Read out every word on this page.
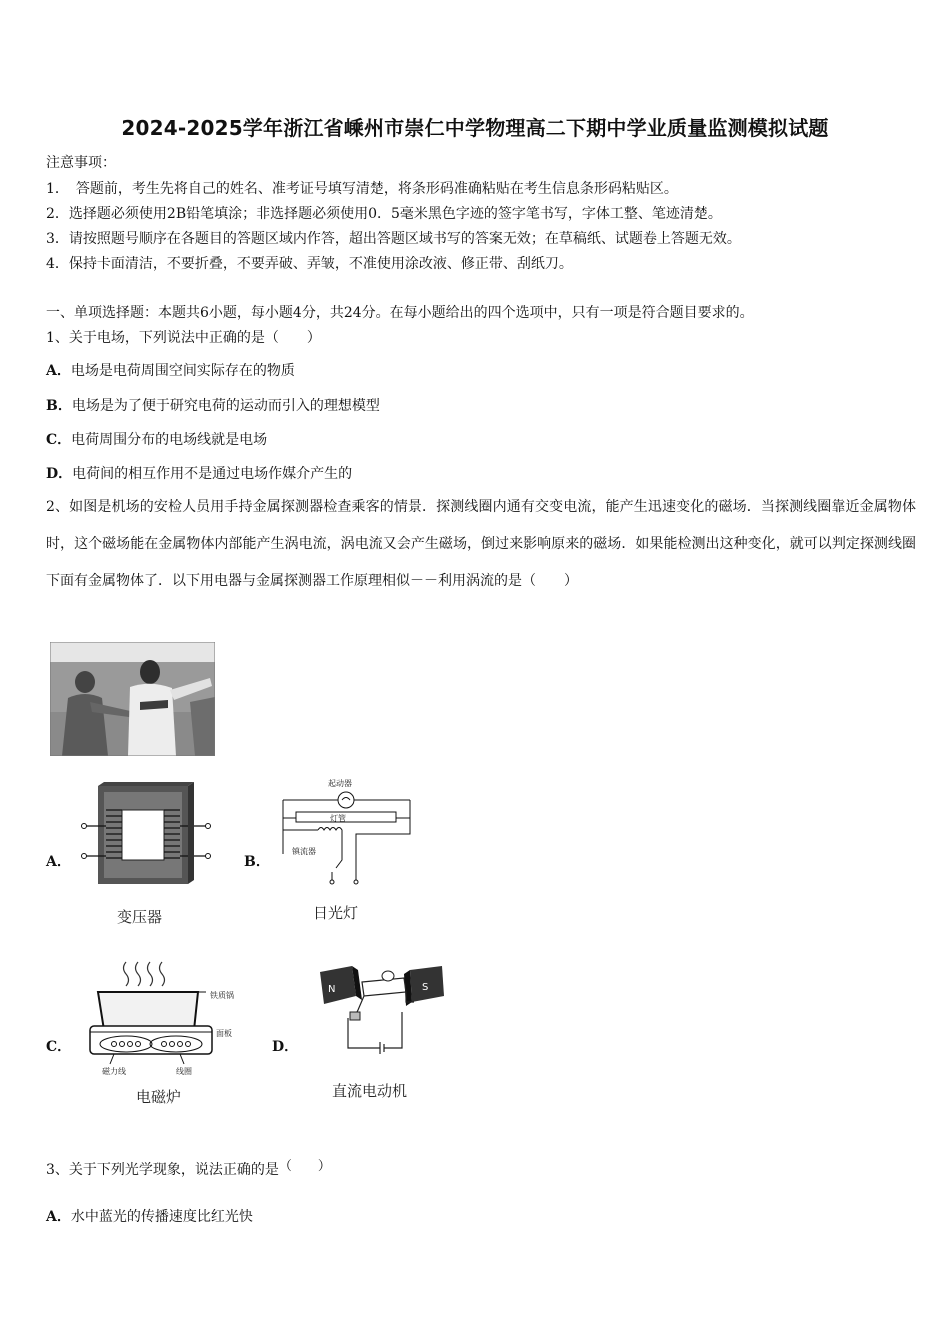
2024-2025学年浙江省嵊州市崇仁中学物理高二下期中学业质量监测模拟试题
注意事项：
1．　答题前，考生先将自己的姓名、准考证号填写清楚，将条形码准确粘贴在考生信息条形码粘贴区。
2．选择题必须使用2B铅笔填涂；非选择题必须使用0．5毫米黑色字迹的签字笔书写，字体工整、笔迹清楚。
3．请按照题号顺序在各题目的答题区域内作答，超出答题区域书写的答案无效；在草稿纸、试题卷上答题无效。
4．保持卡面清洁，不要折叠，不要弄破、弄皱，不准使用涂改液、修正带、刮纸刀。
一、单项选择题：本题共6小题，每小题4分，共24分。在每小题给出的四个选项中，只有一项是符合题目要求的。
1、关于电场，下列说法中正确的是（　　）
A．电场是电荷周围空间实际存在的物质
B．电场是为了便于研究电荷的运动而引入的理想模型
C．电荷周围分布的电场线就是电场
D．电荷间的相互作用不是通过电场作媒介产生的
2、如图是机场的安检人员用手持金属探测器检查乘客的情景．探测线圈内通有交变电流，能产生迅速变化的磁场．当探测线圈靠近金属物体时，这个磁场能在金属物体内部能产生涡电流，涡电流又会产生磁场，倒过来影响原来的磁场．如果能检测出这种变化，就可以判定探测线圈下面有金属物体了．以下用电器与金属探测器工作原理相似－－利用涡流的是（　　）
A．
变压器
B．
起动器
灯管
镇流器
日光灯
C．
铁质锅
面板
磁力线	线圈
电磁炉
D．
N	S
直流电动机
3、关于下列光学现象，说法正确的是（　　）
A．水中蓝光的传播速度比红光快
